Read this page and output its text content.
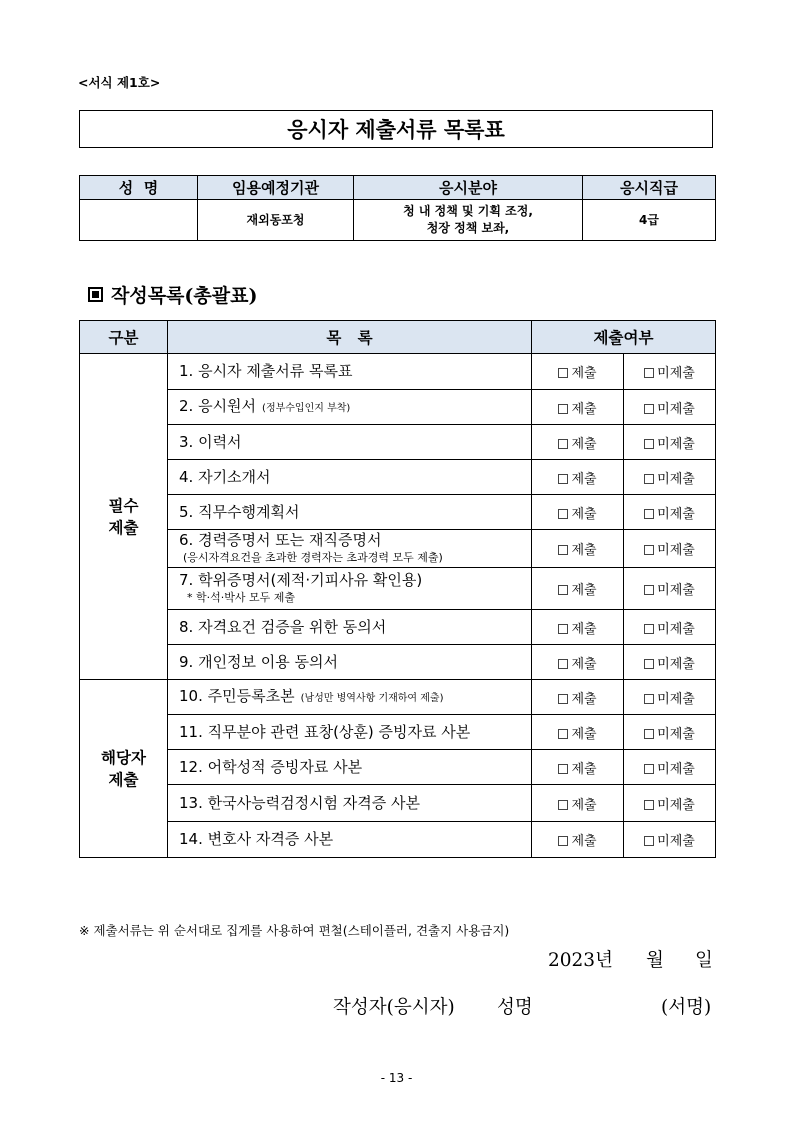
<서식 제1호>
응시자 제출서류 목록표
성  명	임용예정기관	응시분야	응시직급
	재외동포청	청 내 정책 및 기획 조정,
청장 정책 보좌,	4급
작성목록(총괄표)
구분	목   록	제출여부	

필수
제출	1. 응시자 제출서류 목록표	제출	미제출
	2. 응시원서 (정부수입인지 부착)	제출	미제출
	3. 이력서	제출	미제출
	4. 자기소개서	제출	미제출
	5. 직무수행계획서	제출	미제출
	6. 경력증명서 또는 재직증명서
(응시자격요건을 초과한 경력자는 초과경력 모두 제출)	제출	미제출
	7. 학위증명서(제적·기피사유 확인용)
* 학·석·박사 모두 제출	제출	미제출
	8. 자격요건 검증을 위한 동의서	제출	미제출
	9. 개인정보 이용 동의서	제출	미제출

해당자
제출	10. 주민등록초본 (남성만 병역사항 기재하여 제출)	제출	미제출
	11. 직무분야 관련 표창(상훈) 증빙자료 사본	제출	미제출
	12. 어학성적 증빙자료 사본	제출	미제출
	13. 한국사능력검정시험 자격증 사본	제출	미제출
	14. 변호사 자격증 사본	제출	미제출
※ 제출서류는 위 순서대로 집게를 사용하여 편철(스테이플러, 견출지 사용금지)
2023년 월 일
작성자(응시자) 성명	(서명)
- 13 -
